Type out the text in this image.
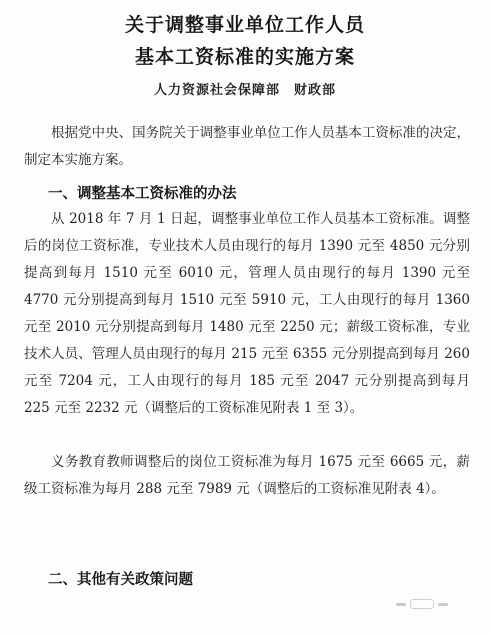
关于调整事业单位工作人员
基本工资标准的实施方案
人力资源社会保障部　财政部

根据党中央、国务院关于调整事业单位工作人员基本工资标准的决定，制定本实施方案。

一、调整基本工资标准的办法

从 2018 年 7 月 1 日起，调整事业单位工作人员基本工资标准。调整后的岗位工资标准，专业技术人员由现行的每月 1390 元至 4850 元分别提高到每月 1510 元至 6010 元，管理人员由现行的每月 1390 元至 4770 元分别提高到每月 1510 元至 5910 元，工人由现行的每月 1360 元至 2010 元分别提高到每月 1480 元至 2250 元；薪级工资标准，专业技术人员、管理人员由现行的每月 215 元至 6355 元分别提高到每月 260 元至 7204 元，工人由现行的每月 185 元至 2047 元分别提高到每月 225 元至 2232 元（调整后的工资标准见附表 1 至 3）。

义务教育教师调整后的岗位工资标准为每月 1675 元至 6665 元，薪级工资标准为每月 288 元至 7989 元（调整后的工资标准见附表 4）。

二、其他有关政策问题
